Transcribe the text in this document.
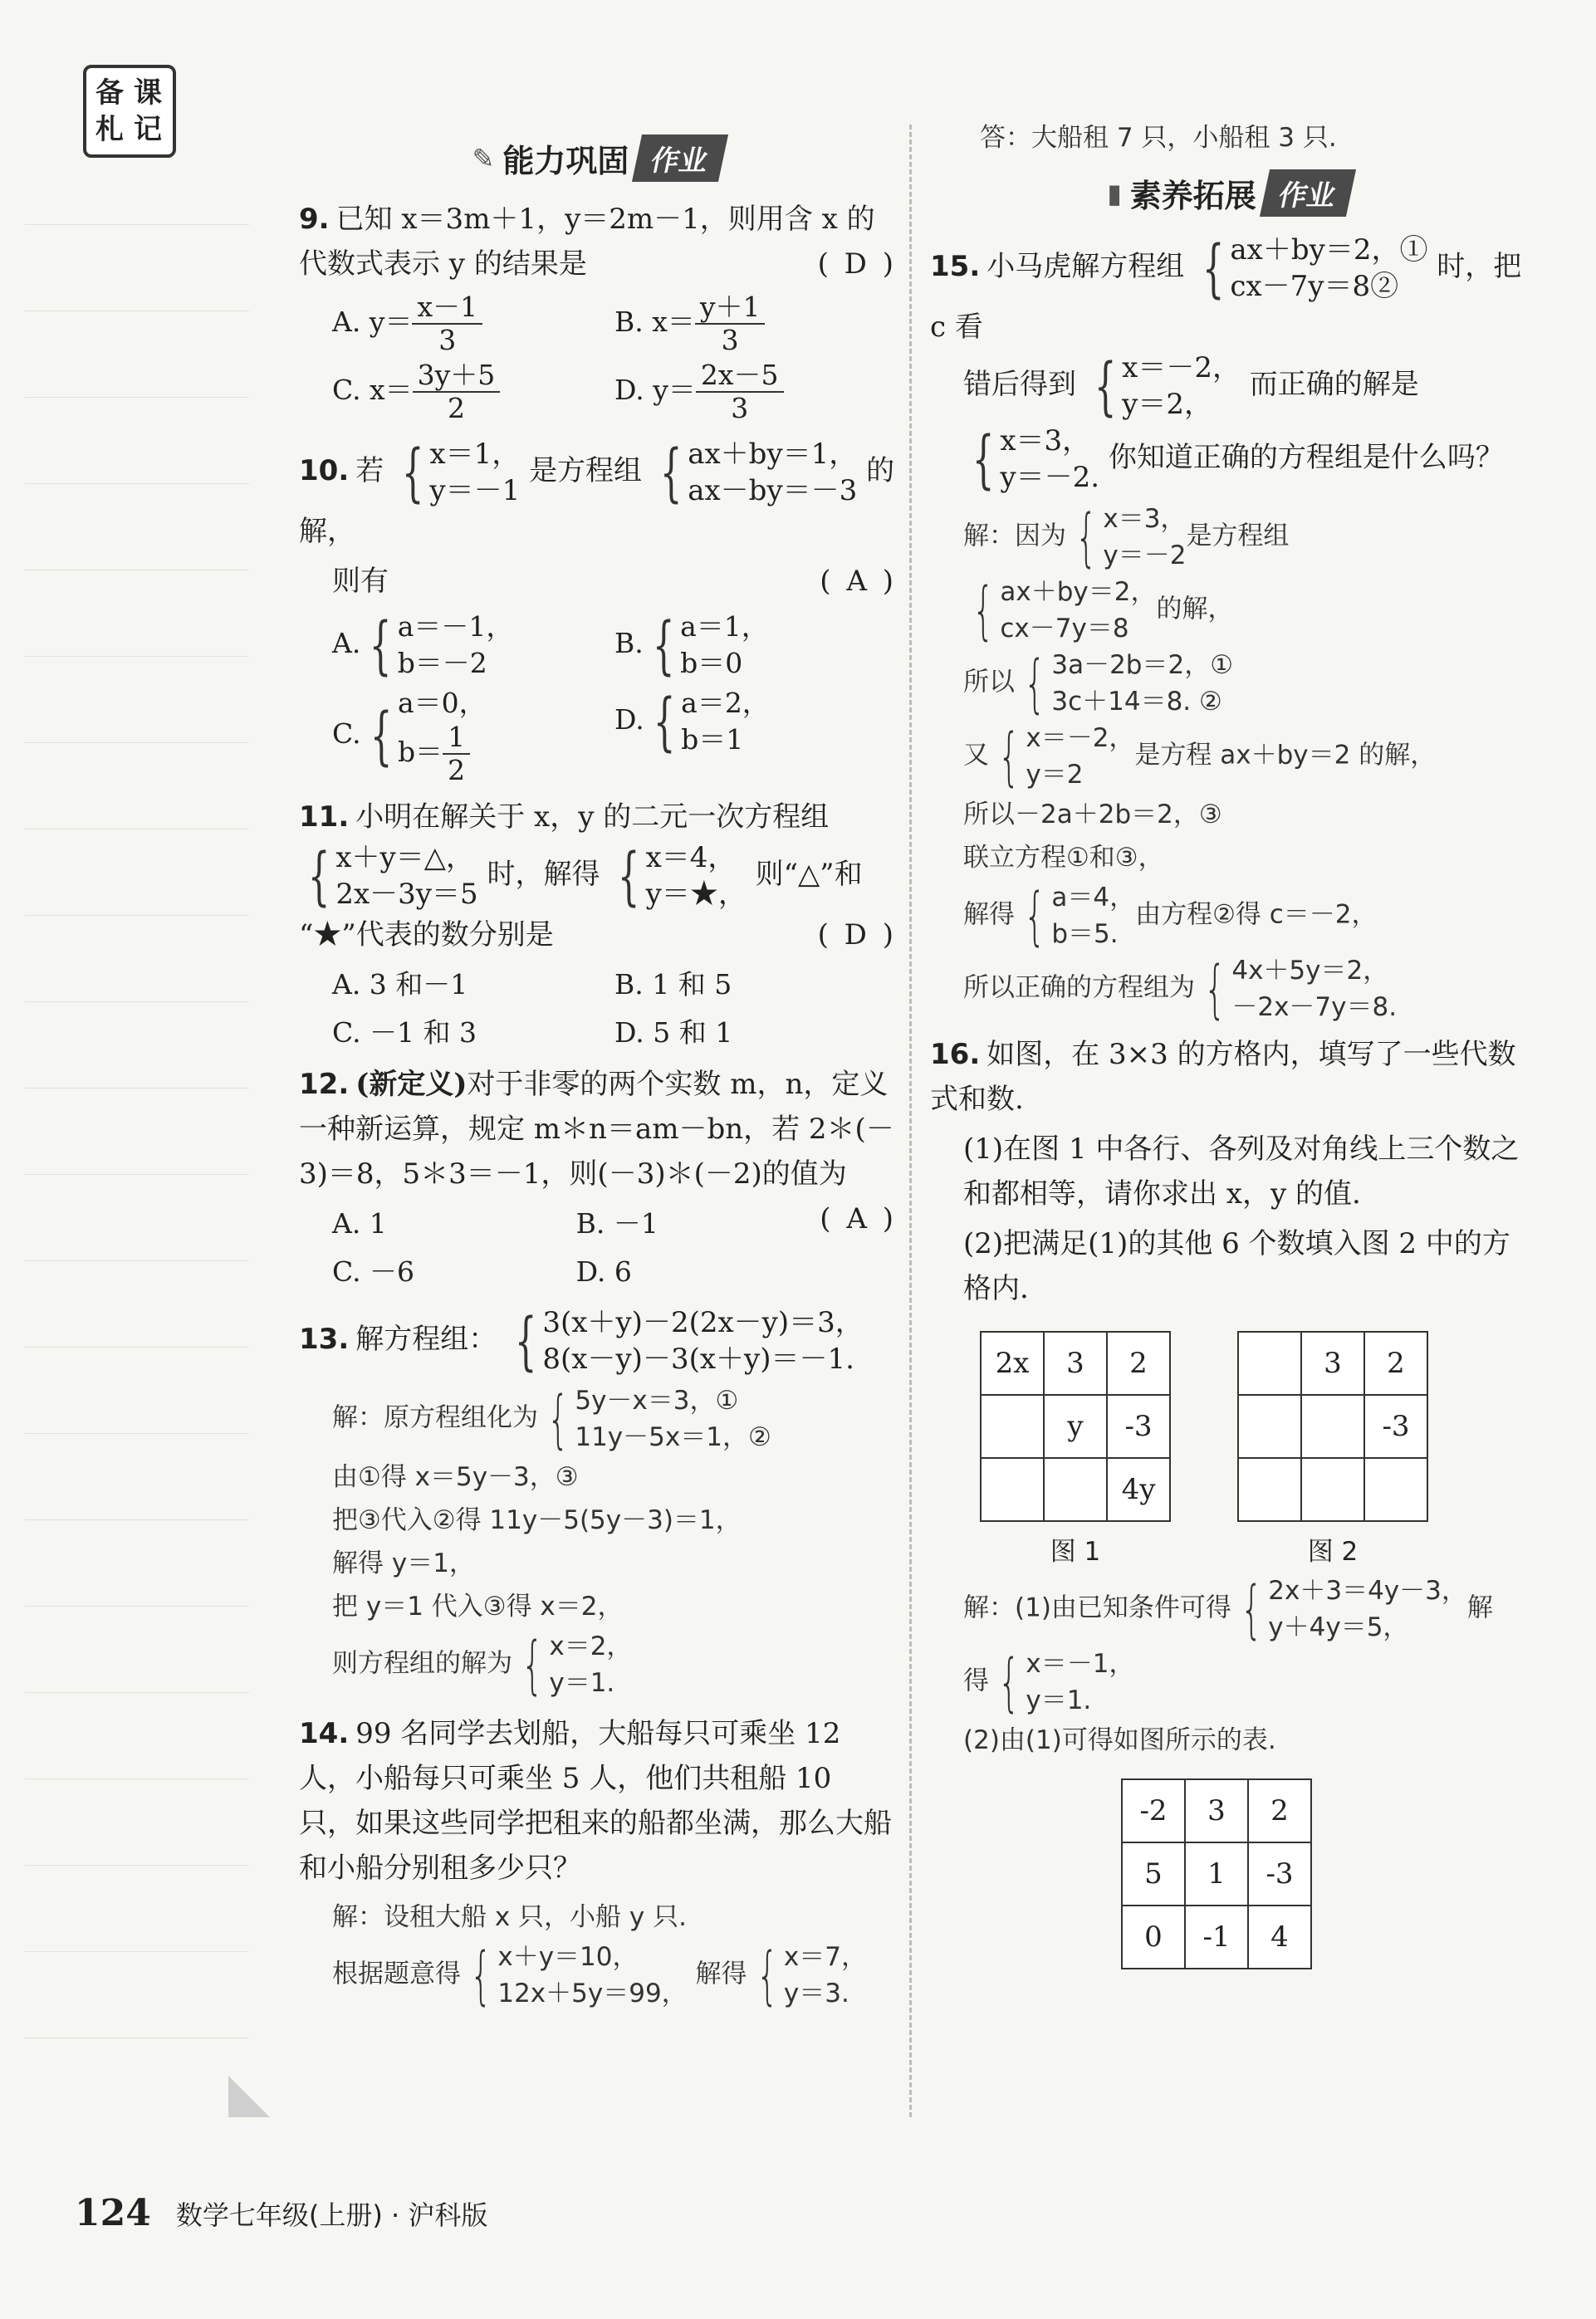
备 课
札 记
✎ 能力巩固 作业
9. 已知 x＝3m＋1，y＝2m－1，则用含 x 的代数式表示 y 的结果是	( D )
A. $y= \frac{x-1}{3}$	B. $x= \frac{y+1}{3}$
C. $x= \frac{3y+5}{2}$	D. $y= \frac{2x-5}{3}$
10. 若 { x＝1，
y＝－1
是方程组 { ax＋by＝1，
ax－by＝－3
的解，
则有	( A )
A. { a＝－1，
b＝－2
B. { a＝1，
b＝0
C. { a＝0，
$b= \frac{1}{2}$
D. { a＝2，
b＝1
11. 小明在解关于 x，y 的二元一次方程组

{ x＋y＝△，
2x－3y＝5
时，解得 { x＝4，
y＝★，
则“△”和
“★”代表的数分别是	( D )
A. 3 和－1	B. 1 和 5
C. －1 和 3	D. 5 和 1
12. (新定义)对于非零的两个实数 m，n，定义一种新运算，规定 m＊n＝am－bn，若 2＊(－3)＝8，5＊3＝－1，则(－3)＊(－2)的值为
( A )
A. 1	B. －1
C. －6	D. 6
13. 解方程组： { 3(x＋y)－2(2x－y)＝3，
8(x－y)－3(x＋y)＝－1.
解：原方程组化为 { 5y－x＝3，①
11y－5x＝1，②
由①得 x＝5y－3，③
把③代入②得 11y－5(5y－3)＝1，
解得 y＝1，
把 y＝1 代入③得 x＝2，
则方程组的解为 { x＝2，
y＝1.
14. 99 名同学去划船，大船每只可乘坐 12 人，小船每只可乘坐 5 人，他们共租船 10 只，如果这些同学把租来的船都坐满，那么大船和小船分别租多少只？
解：设租大船 x 只，小船 y 只.
根据题意得 { x＋y＝10，
12x＋5y＝99，
解得 { x＝7，
y＝3.
答：大船租 7 只，小船租 3 只.
▮ 素养拓展 作业
15. 小马虎解方程组 { ax＋by＝2，①
cx－7y＝8②
时，把 c 看
错后得到 { x＝－2，
y＝2，
而正确的解是

{ x＝3，
y＝－2.
你知道正确的方程组是什么吗？
解：因为 { x＝3，
y＝－2
是方程组
{ ax＋by＝2，
cx－7y＝8
的解，
所以 { 3a－2b＝2，①
3c＋14＝8. ②
又 { x＝－2，
y＝2
是方程 ax＋by＝2 的解，
所以－2a＋2b＝2，③
联立方程①和③，
解得 { a＝4，
b＝5.
由方程②得 c＝－2，
所以正确的方程组为 { 4x＋5y＝2，
－2x－7y＝8.
16. 如图，在 3×3 的方格内，填写了一些代数式和数.
(1)在图 1 中各行、各列及对角线上三个数之和都相等，请你求出 x，y 的值.
(2)把满足(1)的其他 6 个数填入图 2 中的方格内.
2x	3	2
	y	-3
		4y
图 1
	3	2
		-3

图 2
解：(1)由已知条件可得 { 2x＋3＝4y－3，
y＋4y＝5，
解
得 { x＝－1，
y＝1.
(2)由(1)可得如图所示的表.
-2	3	2
5	1	-3
0	-1	4
124 数学七年级(上册) · 沪科版
